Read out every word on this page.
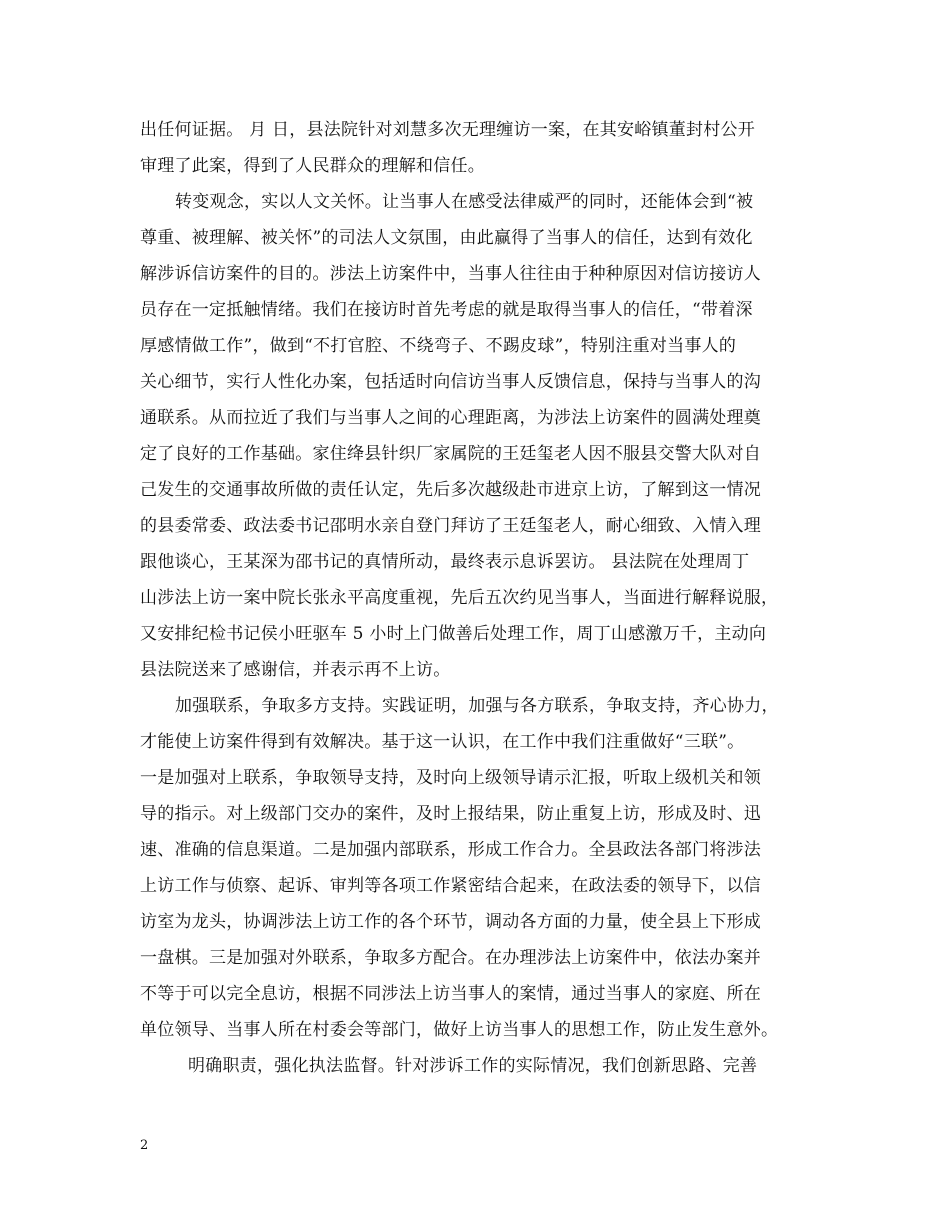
出任何证据。 月 日，县法院针对刘慧多次无理缠访一案，在其安峪镇董封村公开
审理了此案，得到了人民群众的理解和信任。
转变观念，实以人文关怀。让当事人在感受法律威严的同时，还能体会到“被
尊重、被理解、被关怀”的司法人文氛围，由此赢得了当事人的信任，达到有效化
解涉诉信访案件的目的。涉法上访案件中，当事人往往由于种种原因对信访接访人
员存在一定抵触情绪。我们在接访时首先考虑的就是取得当事人的信任，“带着深
厚感情做工作”，做到“不打官腔、不绕弯子、不踢皮球”，特别注重对当事人的
关心细节，实行人性化办案，包括适时向信访当事人反馈信息，保持与当事人的沟
通联系。从而拉近了我们与当事人之间的心理距离，为涉法上访案件的圆满处理奠
定了良好的工作基础。家住绛县针织厂家属院的王廷玺老人因不服县交警大队对自
己发生的交通事故所做的责任认定，先后多次越级赴市进京上访，了解到这一情况
的县委常委、政法委书记邵明水亲自登门拜访了王廷玺老人，耐心细致、入情入理
跟他谈心，王某深为邵书记的真情所动，最终表示息诉罢访。 县法院在处理周丁
山涉法上访一案中院长张永平高度重视，先后五次约见当事人，当面进行解释说服，
又安排纪检书记侯小旺驱车 5 小时上门做善后处理工作，周丁山感激万千，主动向
县法院送来了感谢信，并表示再不上访。
加强联系，争取多方支持。实践证明，加强与各方联系，争取支持，齐心协力，
才能使上访案件得到有效解决。基于这一认识，在工作中我们注重做好“三联”。
一是加强对上联系，争取领导支持，及时向上级领导请示汇报，听取上级机关和领
导的指示。对上级部门交办的案件，及时上报结果，防止重复上访，形成及时、迅
速、准确的信息渠道。二是加强内部联系，形成工作合力。全县政法各部门将涉法
上访工作与侦察、起诉、审判等各项工作紧密结合起来，在政法委的领导下，以信
访室为龙头，协调涉法上访工作的各个环节，调动各方面的力量，使全县上下形成
一盘棋。三是加强对外联系，争取多方配合。在办理涉法上访案件中，依法办案并
不等于可以完全息访，根据不同涉法上访当事人的案情，通过当事人的家庭、所在
单位领导、当事人所在村委会等部门，做好上访当事人的思想工作，防止发生意外。
明确职责，强化执法监督。针对涉诉工作的实际情况，我们创新思路、完善
2
